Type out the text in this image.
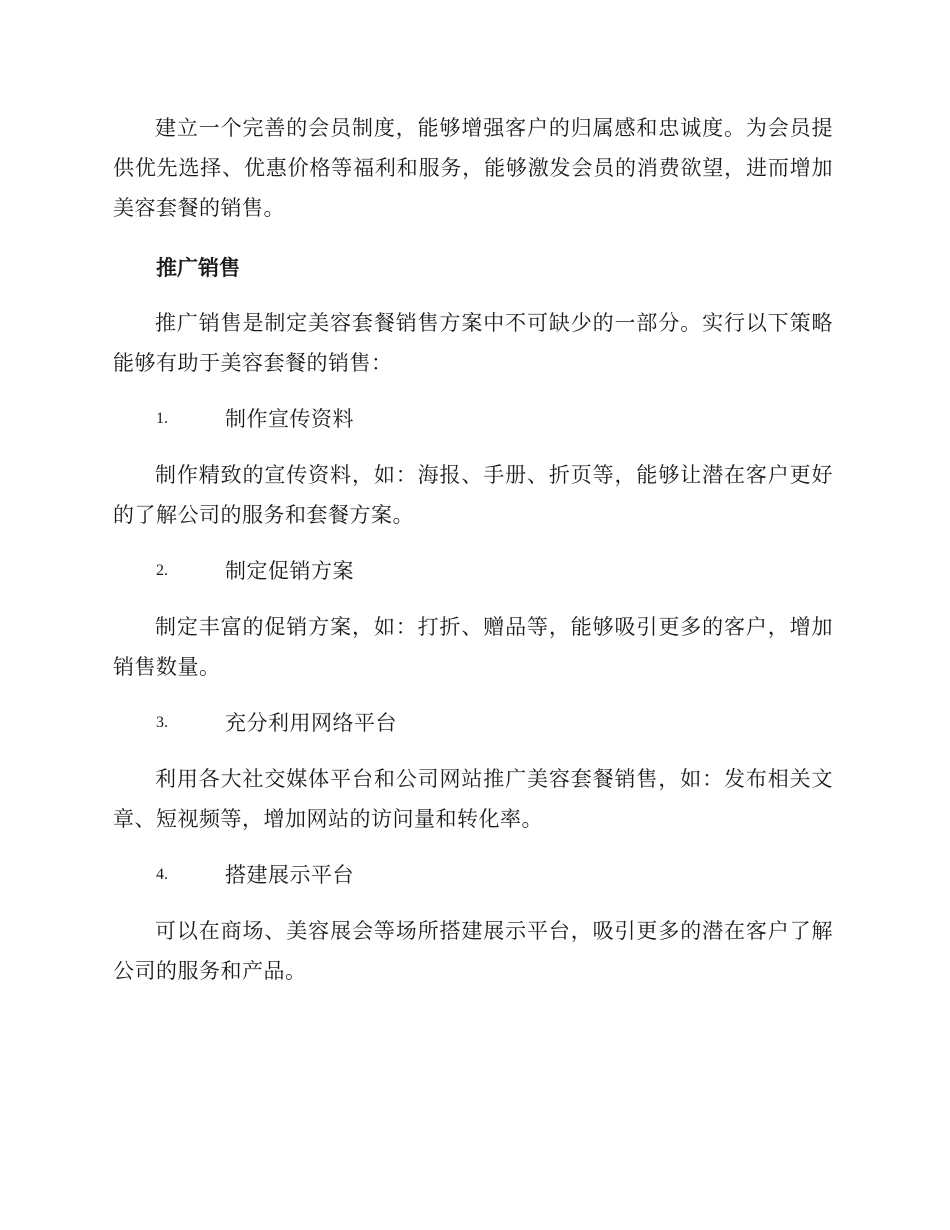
建立一个完善的会员制度，能够增强客户的归属感和忠诚度。为会员提供优先选择、优惠价格等福利和服务，能够激发会员的消费欲望，进而增加美容套餐的销售。

推广销售

推广销售是制定美容套餐销售方案中不可缺少的一部分。实行以下策略能够有助于美容套餐的销售：

1.	制作宣传资料

制作精致的宣传资料，如：海报、手册、折页等，能够让潜在客户更好的了解公司的服务和套餐方案。

2.	制定促销方案

制定丰富的促销方案，如：打折、赠品等，能够吸引更多的客户，增加销售数量。

3.	充分利用网络平台

利用各大社交媒体平台和公司网站推广美容套餐销售，如：发布相关文章、短视频等，增加网站的访问量和转化率。

4.	搭建展示平台

可以在商场、美容展会等场所搭建展示平台，吸引更多的潜在客户了解公司的服务和产品。
